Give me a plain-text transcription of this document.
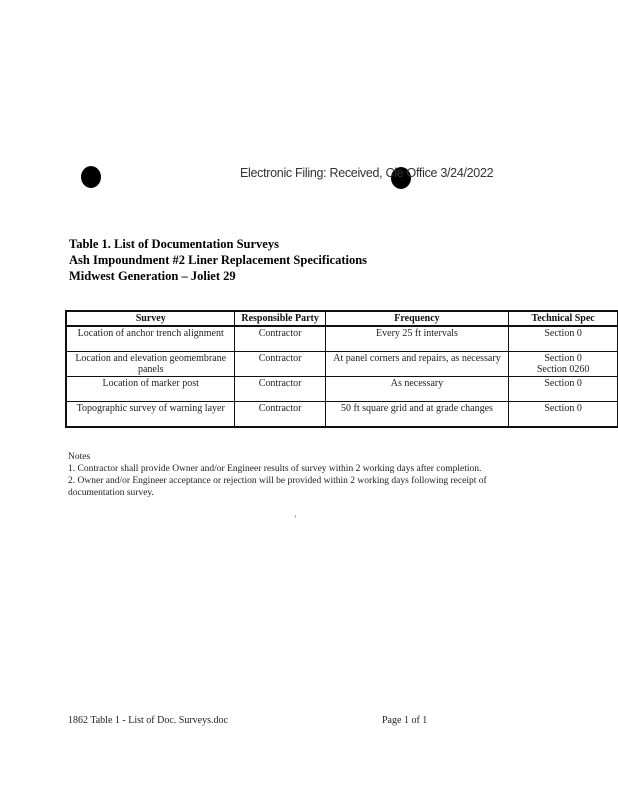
Electronic Filing: Received, Cle Office 3/24/2022
Table 1. List of Documentation Surveys
Ash Impoundment #2 Liner Replacement Specifications
Midwest Generation – Joliet 29
Survey	Responsible Party	Frequency	Technical Spec
Location of anchor trench alignment	Contractor	Every 25 ft intervals	Section 0
Location and elevation geomembrane panels	Contractor	At panel corners and repairs, as necessary	Section 0
Section 0260
Location of marker post	Contractor	As necessary	Section 0
Topographic survey of warning layer	Contractor	50 ft square grid and at grade changes	Section 0

Notes

1. Contractor shall provide Owner and/or Engineer results of survey within 2 working days after completion.

2. Owner and/or Engineer acceptance or rejection will be provided within 2 working days following receipt of documentation survey.

’
1862 Table 1 - List of Doc. Surveys.doc	Page 1 of 1
